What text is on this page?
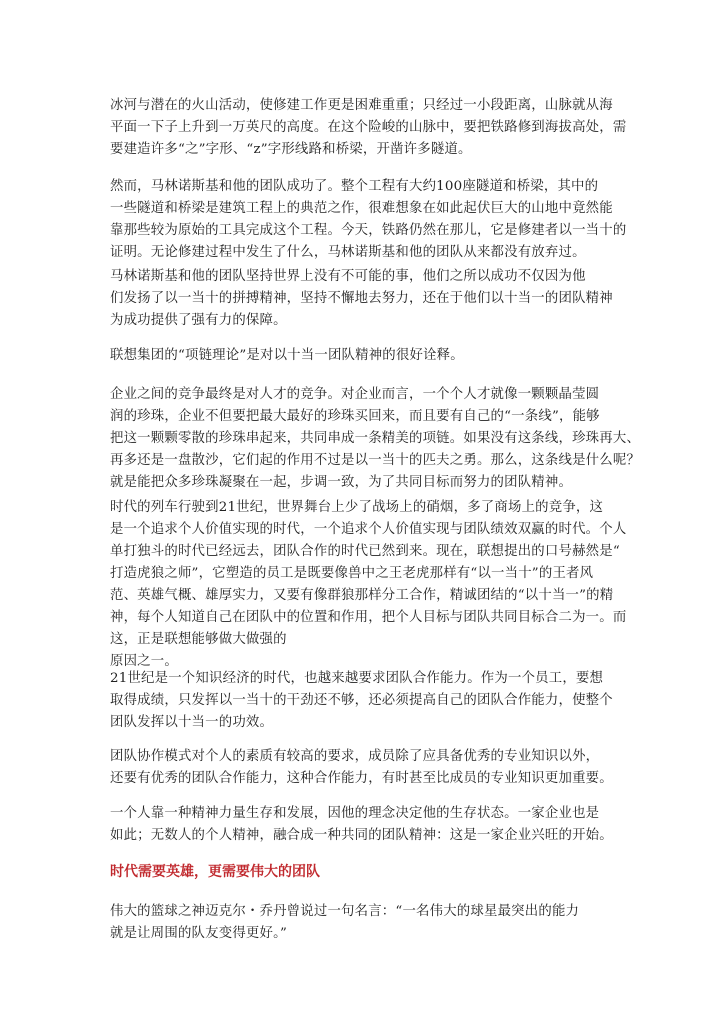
冰河与潜在的火山活动，使修建工作更是困难重重；只经过一小段距离，山脉就从海
平面一下子上升到一万英尺的高度。在这个险峻的山脉中，要把铁路修到海拔高处，需
要建造许多“之”字形、“z”字形线路和桥梁，开凿许多隧道。
然而，马林诺斯基和他的团队成功了。整个工程有大约100座隧道和桥梁，其中的
一些隧道和桥梁是建筑工程上的典范之作，很难想象在如此起伏巨大的山地中竟然能
靠那些较为原始的工具完成这个工程。今天，铁路仍然在那儿，它是修建者以一当十的
证明。无论修建过程中发生了什么，马林诺斯基和他的团队从来都没有放弃过。
马林诺斯基和他的团队坚持世界上没有不可能的事，他们之所以成功不仅因为他
们发扬了以一当十的拼搏精神，坚持不懈地去努力，还在于他们以十当一的团队精神
为成功提供了强有力的保障。
联想集团的“项链理论”是对以十当一团队精神的很好诠释。
企业之间的竞争最终是对人才的竞争。对企业而言，一个个人才就像一颗颗晶莹圆
润的珍珠，企业不但要把最大最好的珍珠买回来，而且要有自己的“一条线”，能够
把这一颗颗零散的珍珠串起来，共同串成一条精美的项链。如果没有这条线，珍珠再大、
再多还是一盘散沙，它们起的作用不过是以一当十的匹夫之勇。那么，这条线是什么呢？
就是能把众多珍珠凝聚在一起，步调一致，为了共同目标而努力的团队精神。
时代的列车行驶到21世纪，世界舞台上少了战场上的硝烟，多了商场上的竞争，这
是一个追求个人价值实现的时代，一个追求个人价值实现与团队绩效双赢的时代。个人
单打独斗的时代已经远去，团队合作的时代已然到来。现在，联想提出的口号赫然是“
打造虎狼之师”，它塑造的员工是既要像兽中之王老虎那样有“以一当十”的王者风
范、英雄气概、雄厚实力，又要有像群狼那样分工合作，精诚团结的“以十当一”的精
神，每个人知道自己在团队中的位置和作用，把个人目标与团队共同目标合二为一。而
这，正是联想能够做大做强的
原因之一。
21世纪是一个知识经济的时代，也越来越要求团队合作能力。作为一个员工，要想
取得成绩，只发挥以一当十的干劲还不够，还必须提高自己的团队合作能力，使整个
团队发挥以十当一的功效。
团队协作模式对个人的素质有较高的要求，成员除了应具备优秀的专业知识以外，
还要有优秀的团队合作能力，这种合作能力，有时甚至比成员的专业知识更加重要。
一个人靠一种精神力量生存和发展，因他的理念决定他的生存状态。一家企业也是
如此；无数人的个人精神，融合成一种共同的团队精神：这是一家企业兴旺的开始。
时代需要英雄，更需要伟大的团队
伟大的篮球之神迈克尔・乔丹曾说过一句名言：“一名伟大的球星最突出的能力
就是让周围的队友变得更好。”
